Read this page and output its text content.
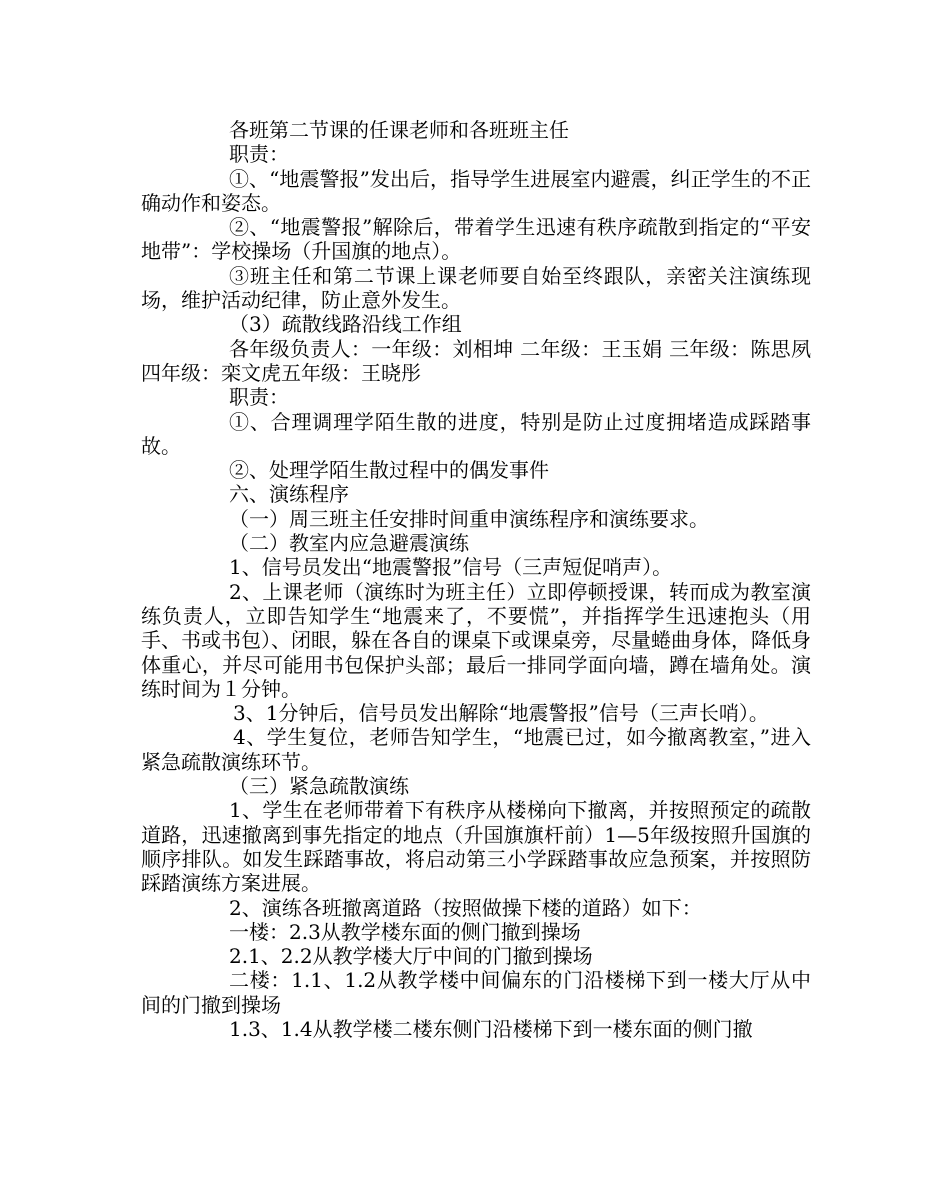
各班第二节课的任课老师和各班班主任

职责：

①、“地震警报”发出后，指导学生进展室内避震，纠正学生的不正确动作和姿态。

②、“地震警报”解除后，带着学生迅速有秩序疏散到指定的“平安地带”：学校操场（升国旗的地点）。

③班主任和第二节课上课老师要自始至终跟队，亲密关注演练现场，维护活动纪律，防止意外发生。

（3）疏散线路沿线工作组

各年级负责人：一年级：刘相坤 二年级：王玉娟 三年级：陈思夙 四年级：栾文虎五年级：王晓彤

职责：

①、合理调理学陌生散的进度，特别是防止过度拥堵造成踩踏事故。

②、处理学陌生散过程中的偶发事件

六、演练程序

（一）周三班主任安排时间重申演练程序和演练要求。

（二）教室内应急避震演练

1、信号员发出“地震警报”信号（三声短促哨声）。

2、上课老师（演练时为班主任）立即停顿授课，转而成为教室演练负责人，立即告知学生“地震来了，不要慌”，并指挥学生迅速抱头（用手、书或书包）、闭眼，躲在各自的课桌下或课桌旁，尽量蜷曲身体，降低身体重心，并尽可能用书包保护头部；最后一排同学面向墙，蹲在墙角处。演练时间为１分钟。

3、1分钟后，信号员发出解除“地震警报”信号（三声长哨）。

4、学生复位，老师告知学生，“地震已过，如今撤离教室，”进入紧急疏散演练环节。

（三）紧急疏散演练

1、学生在老师带着下有秩序从楼梯向下撤离，并按照预定的疏散道路，迅速撤离到事先指定的地点（升国旗旗杆前）1—5年级按照升国旗的顺序排队。如发生踩踏事故，将启动第三小学踩踏事故应急预案，并按照防踩踏演练方案进展。

2、演练各班撤离道路（按照做操下楼的道路）如下：

一楼：2.3从教学楼东面的侧门撤到操场

2.1、2.2从教学楼大厅中间的门撤到操场

二楼：1.1、1.2从教学楼中间偏东的门沿楼梯下到一楼大厅从中间的门撤到操场

1.3、1.4从教学楼二楼东侧门沿楼梯下到一楼东面的侧门撤
